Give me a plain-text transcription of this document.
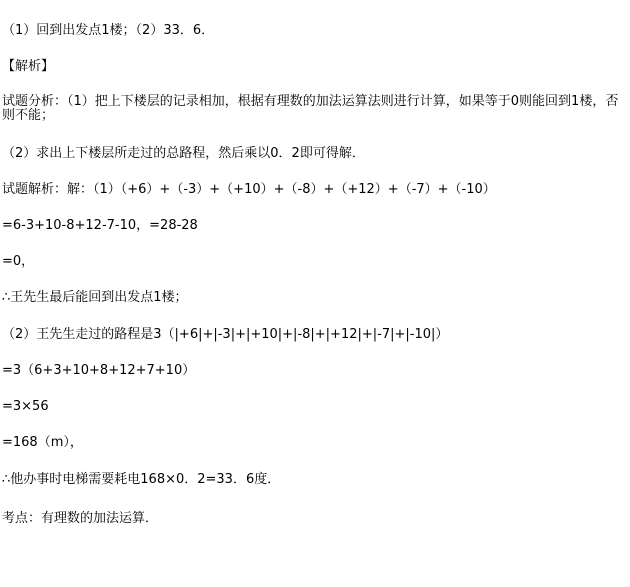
（1）回到出发点1楼；（2）33．6．
【解析】
试题分析：（1）把上下楼层的记录相加，根据有理数的加法运算法则进行计算，如果等于0则能回到1楼，否则不能；
（2）求出上下楼层所走过的总路程，然后乘以0．2即可得解．
试题解析：解：（1）（+6）+（-3）+（+10）+（-8）+（+12）+（-7）+（-10）
=6-3+10-8+12-7-10，=28-28
=0，
∴王先生最后能回到出发点1楼；
（2）王先生走过的路程是3（|+6|+|-3|+|+10|+|-8|+|+12|+|-7|+|-10|）
=3（6+3+10+8+12+7+10）
=3×56
=168（m），
∴他办事时电梯需要耗电168×0．2=33．6度．
考点：有理数的加法运算．
